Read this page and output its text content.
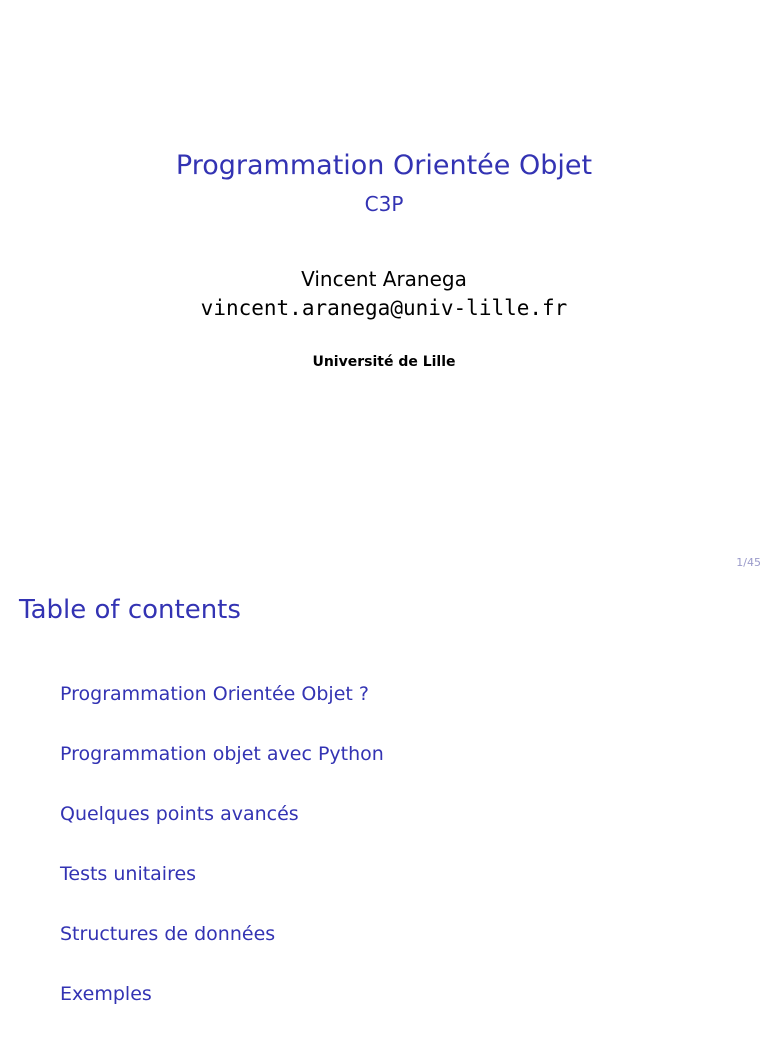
Programmation Orientée Objet
C3P
Vincent Aranega
vincent.aranega@univ-lille.fr
Université de Lille
1/45
Table of contents
Programmation Orientée Objet ?
Programmation objet avec Python
Quelques points avancés
Tests unitaires
Structures de données
Exemples
